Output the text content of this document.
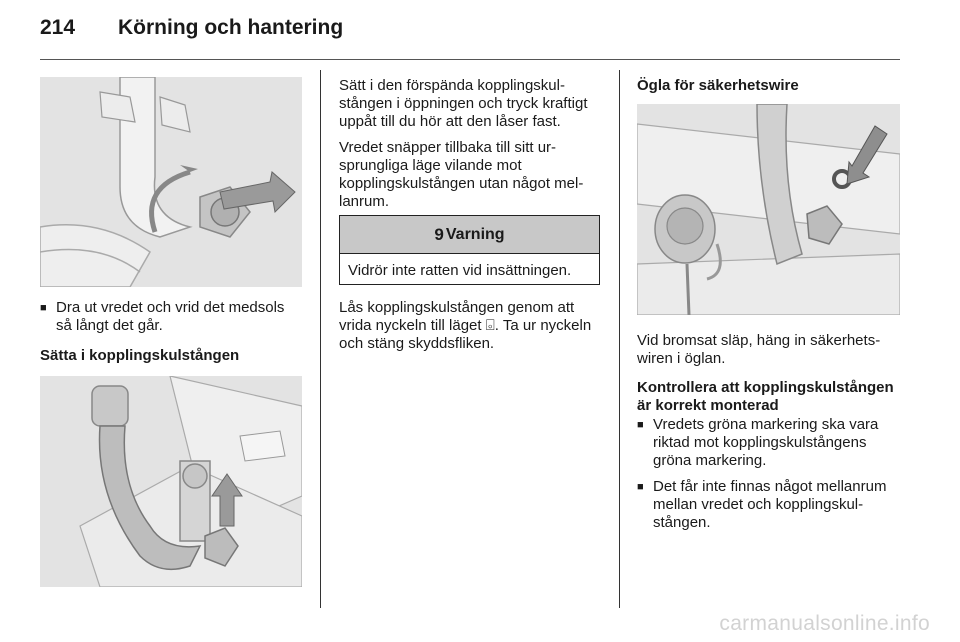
214	Körning och hantering
■ Dra ut vredet och vrid det medsols så långt det går.
Sätta i kopplingskulstången

Sätt i den förspända kopplingskulstången i öppningen och tryck kraftigt uppåt till du hör att den låser fast.

Vredet snäpper tillbaka till sitt ursprungliga läge vilande mot kopplingskulstången utan något mellanrum.

9 Varning
Vidrör inte ratten vid insättningen.
Lås kopplingskulstången genom att vrida nyckeln till läget ⌻. Ta ur nyckeln och stäng skyddsfliken.
Ögla för säkerhetswire
Vid bromsat släp, häng in säkerhetswiren i öglan.
Kontrollera att kopplingskulstången är korrekt monterad
■ Vredets gröna markering ska vara riktad mot kopplingskulstångens gröna markering.
■ Det får inte finnas något mellanrum mellan vredet och kopplingskulstången.
carmanualsonline.info
